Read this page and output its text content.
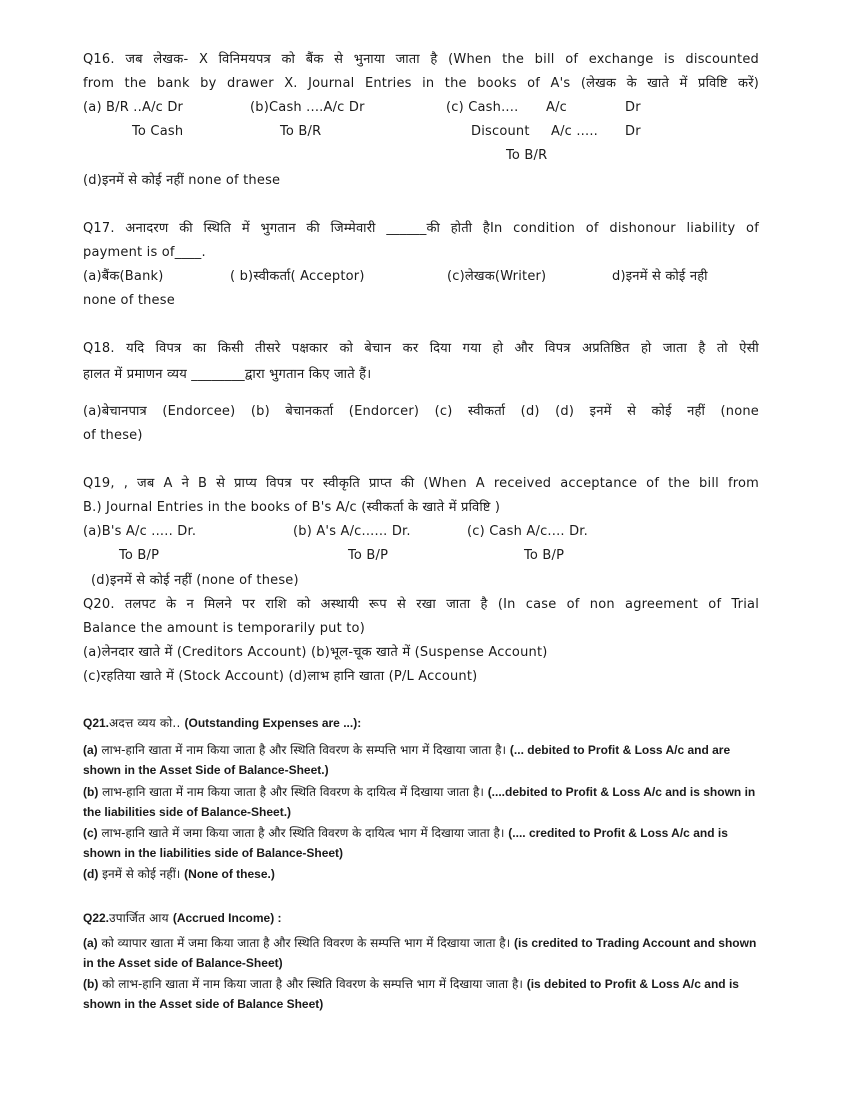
Q16. जब लेखक- X विनिमयपत्र को बैंक से भुनाया जाता है (When the bill of exchange is discounted
from the bank by drawer X. Journal Entries in the books of A's (लेखक के खाते में प्रविष्टि करें)
(a) B/R ..A/c Dr	(b)Cash ....A/c Dr	(c) Cash.... A/c	Dr
To Cash	To B/R	Discount A/c ..... Dr
To B/R
(d)इनमें से कोई नहीं none of these
Q17. अनादरण की स्थिति में भुगतान की जिम्मेवारी ______की होती हैIn condition of dishonour liability of
payment is of____.
(a)बैंक(Bank)	( b)स्वीकर्ता( Acceptor)	(c)लेखक(Writer)	d)इनमें से कोई नही
none of these
Q18. यदि विपत्र का किसी तीसरे पक्षकार को बेचान कर दिया गया हो और विपत्र अप्रतिष्ठित हो जाता है तो ऐसी
हालत में प्रमाणन व्यय ________द्वारा भुगतान किए जाते हैं।
(a)बेचानपात्र (Endorcee) (b) बेचानकर्ता (Endorcer) (c) स्वीकर्ता (d) (d) इनमें से कोई नहीं (none
of these)
Q19, , जब A ने B से प्राप्य विपत्र पर स्वीकृति प्राप्त की (When A received acceptance of the bill from
B.) Journal Entries in the books of B's A/c (स्वीकर्ता के खाते में प्रविष्टि )
(a)B's A/c ..... Dr.	(b) A's A/c...... Dr.	(c) Cash A/c.... Dr.
To B/P	To B/P	To B/P
(d)इनमें से कोई नहीं (none of these)
Q20. तलपट के न मिलने पर राशि को अस्थायी रूप से रखा जाता है (In case of non agreement of Trial
Balance the amount is temporarily put to)
(a)लेनदार खाते में (Creditors Account) (b)भूल-चूक खाते में (Suspense Account)
(c)रहतिया खाते में (Stock Account) (d)लाभ हानि खाता (P/L Account)
Q21.अदत्त व्यय को.. (Outstanding Expenses are ...):
(a) लाभ-हानि खाता में नाम किया जाता है और स्थिति विवरण के सम्पत्ति भाग में दिखाया जाता है। (... debited to Profit & Loss A/c and are shown in the Asset Side of Balance-Sheet.)
(b) लाभ-हानि खाता में नाम किया जाता है और स्थिति विवरण के दायित्व में दिखाया जाता है। (....debited to Profit & Loss A/c and is shown in the liabilities side of Balance-Sheet.)
(c) लाभ-हानि खाते में जमा किया जाता है और स्थिति विवरण के दायित्व भाग में दिखाया जाता है। (.... credited to Profit & Loss A/c and is shown in the liabilities side of Balance-Sheet)
(d) इनमें से कोई नहीं। (None of these.)
Q22.उपार्जित आय (Accrued Income) :
(a) को व्यापार खाता में जमा किया जाता है और स्थिति विवरण के सम्पत्ति भाग में दिखाया जाता है। (is credited to Trading Account and shown in the Asset side of Balance-Sheet)
(b) को लाभ-हानि खाता में नाम किया जाता है और स्थिति विवरण के सम्पत्ति भाग में दिखाया जाता है। (is debited to Profit & Loss A/c and is shown in the Asset side of Balance Sheet)
